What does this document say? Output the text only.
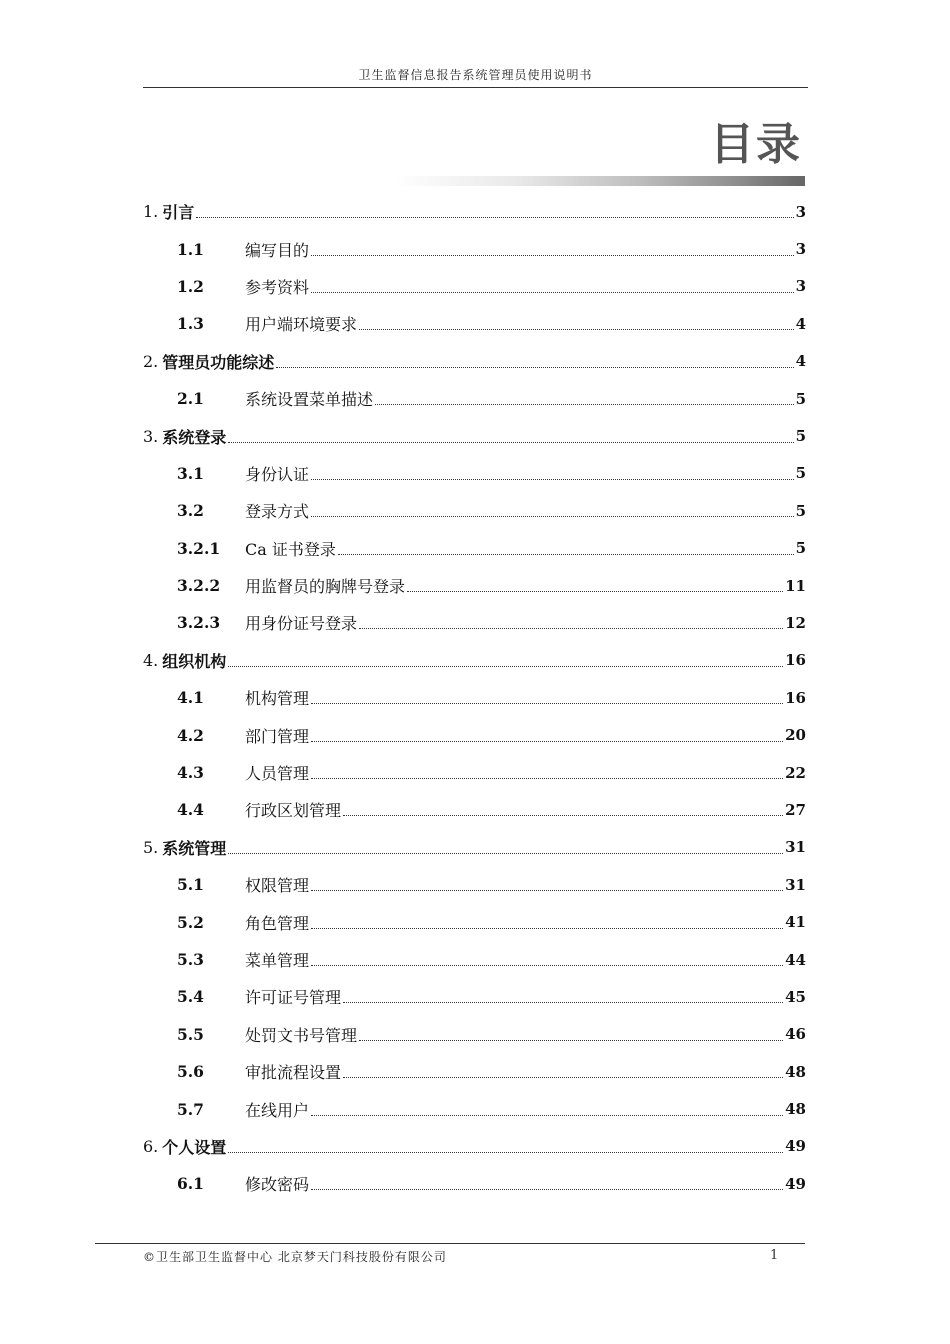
卫生监督信息报告系统管理员使用说明书
目录
1. 引言	3
1.1	编写目的	3
1.2	参考资料	3
1.3	用户端环境要求	4
2. 管理员功能综述	4
2.1	系统设置菜单描述	5
3. 系统登录	5
3.1	身份认证	5
3.2	登录方式	5
3.2.1	Ca 证书登录	5
3.2.2	用监督员的胸牌号登录	11
3.2.3	用身份证号登录	12
4. 组织机构	16
4.1	机构管理	16
4.2	部门管理	20
4.3	人员管理	22
4.4	行政区划管理	27
5. 系统管理	31
5.1	权限管理	31
5.2	角色管理	41
5.3	菜单管理	44
5.4	许可证号管理	45
5.5	处罚文书号管理	46
5.6	审批流程设置	48
5.7	在线用户	48
6. 个人设置	49
6.1	修改密码	49
©卫生部卫生监督中心 北京梦天门科技股份有限公司	1
